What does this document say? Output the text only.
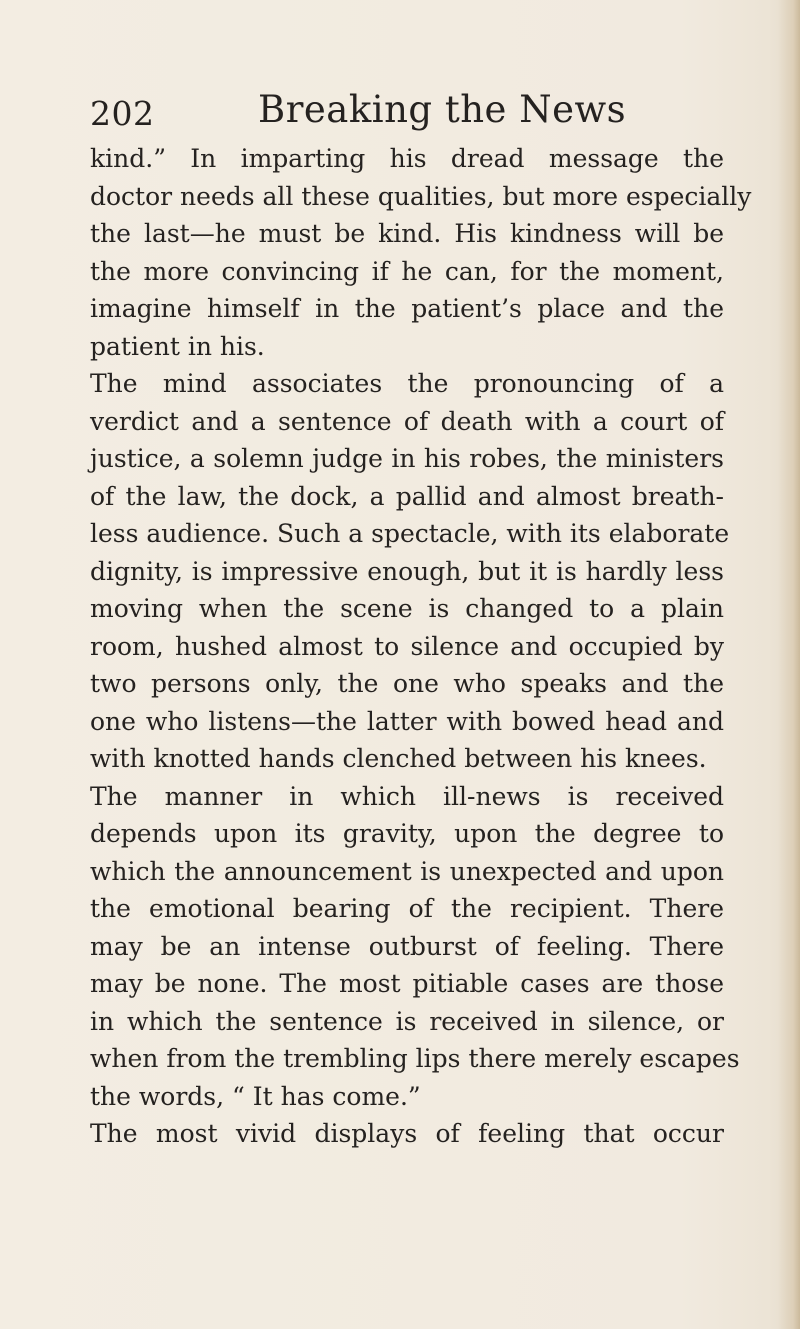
202	Breaking the News

kind.” In imparting his dread message the
doctor needs all these qualities, but more especially
the last—he must be kind. His kindness will be
the more convincing if he can, for the moment,
imagine himself in the patient’s place and the
patient in his.

The mind associates the pronouncing of a
verdict and a sentence of death with a court of
justice, a solemn judge in his robes, the ministers
of the law, the dock, a pallid and almost breath-
less audience. Such a spectacle, with its elaborate
dignity, is impressive enough, but it is hardly less
moving when the scene is changed to a plain
room, hushed almost to silence and occupied by
two persons only, the one who speaks and the
one who listens—the latter with bowed head and
with knotted hands clenched between his knees.

The manner in which ill-news is received
depends upon its gravity, upon the degree to
which the announcement is unexpected and upon
the emotional bearing of the recipient. There
may be an intense outburst of feeling. There
may be none. The most pitiable cases are those
in which the sentence is received in silence, or
when from the trembling lips there merely escapes
the words, “ It has come.”

The most vivid displays of feeling that occur
